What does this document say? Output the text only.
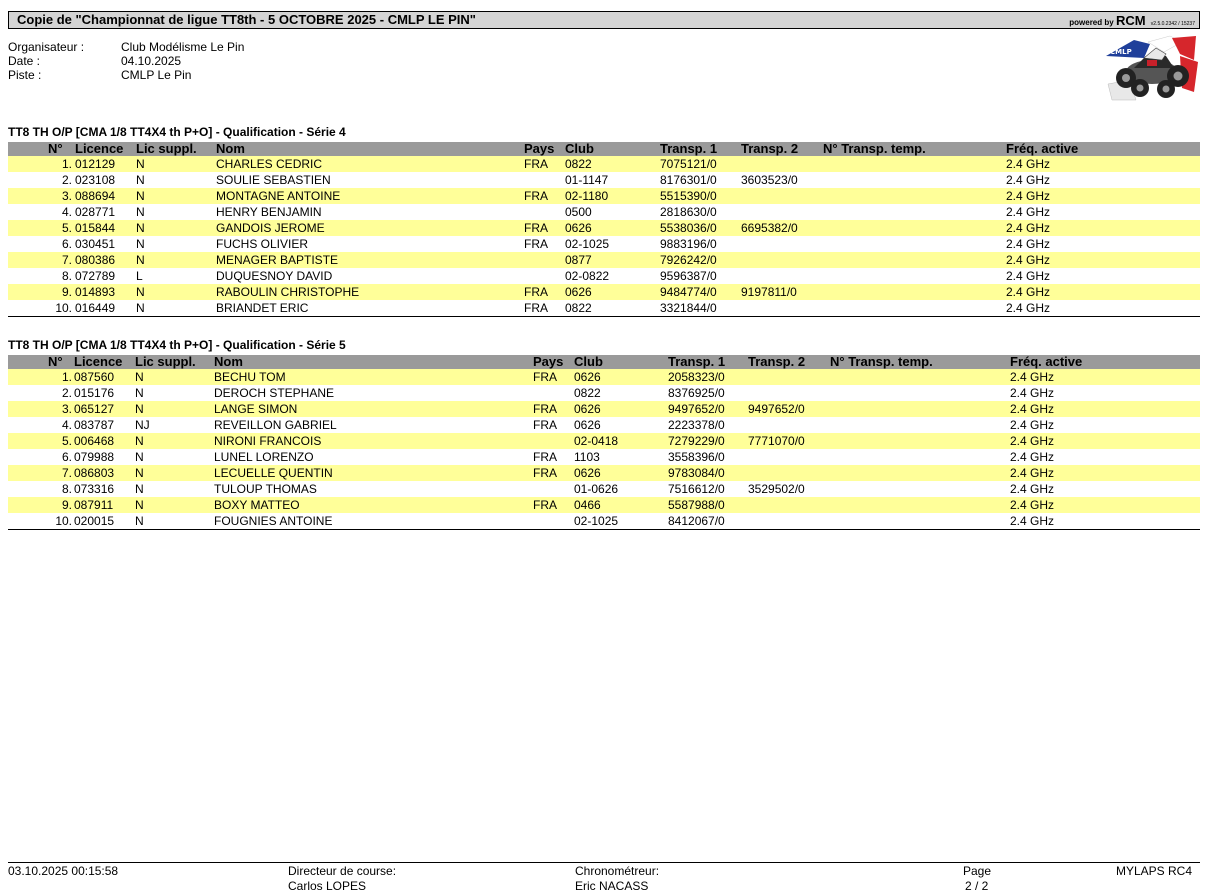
Copie de "Championnat de ligue TT8th - 5 OCTOBRE 2025 - CMLP LE PIN"	powered by RCM v2.5.0.2342 / 15237
Organisateur :	Club Modélisme Le Pin
Date :	04.10.2025
Piste :	CMLP Le Pin
CMLP
TT8 TH O/P [CMA 1/8 TT4X4 th P+O] - Qualification - Série 4
N° Licence Lic suppl. Nom	Pays Club	Transp. 1 Transp. 2 N° Transp. temp.	Fréq. active
1. 012129 N	CHARLES CEDRIC	FRA 0822	7075121/0	2.4 GHz
2. 023108 N	SOULIE SEBASTIEN	01-1147	8176301/0 3603523/0	2.4 GHz
3. 088694 N	MONTAGNE ANTOINE	FRA 02-1180	5515390/0	2.4 GHz
4. 028771 N	HENRY BENJAMIN	0500	2818630/0	2.4 GHz
5. 015844 N	GANDOIS JEROME	FRA 0626	5538036/0 6695382/0	2.4 GHz
6. 030451 N	FUCHS OLIVIER	FRA 02-1025	9883196/0	2.4 GHz
7. 080386 N	MENAGER BAPTISTE	0877	7926242/0	2.4 GHz
8. 072789 L	DUQUESNOY DAVID	02-0822	9596387/0	2.4 GHz
9. 014893 N	RABOULIN CHRISTOPHE	FRA 0626	9484774/0 9197811/0	2.4 GHz
10. 016449 N	BRIANDET ERIC	FRA 0822	3321844/0	2.4 GHz
TT8 TH O/P [CMA 1/8 TT4X4 th P+O] - Qualification - Série 5
N° Licence Lic suppl. Nom	Pays Club	Transp. 1 Transp. 2 N° Transp. temp.	Fréq. active
1. 087560 N	BECHU TOM	FRA 0626	2058323/0	2.4 GHz
2. 015176 N	DEROCH STEPHANE	0822	8376925/0	2.4 GHz
3. 065127 N	LANGE SIMON	FRA 0626	9497652/0 9497652/0	2.4 GHz
4. 083787 NJ	REVEILLON GABRIEL	FRA 0626	2223378/0	2.4 GHz
5. 006468 N	NIRONI FRANCOIS	02-0418	7279229/0 7771070/0	2.4 GHz
6. 079988 N	LUNEL LORENZO	FRA 1103	3558396/0	2.4 GHz
7. 086803 N	LECUELLE QUENTIN	FRA 0626	9783084/0	2.4 GHz
8. 073316 N	TULOUP THOMAS	01-0626	7516612/0 3529502/0	2.4 GHz
9. 087911 N	BOXY MATTEO	FRA 0466	5587988/0	2.4 GHz
10. 020015 N	FOUGNIES ANTOINE	02-1025	8412067/0	2.4 GHz
03.10.2025 00:15:58	Directeur de course:
Carlos LOPES
Chronométreur:
Eric NACASS
Page
2 / 2
MYLAPS RC4
